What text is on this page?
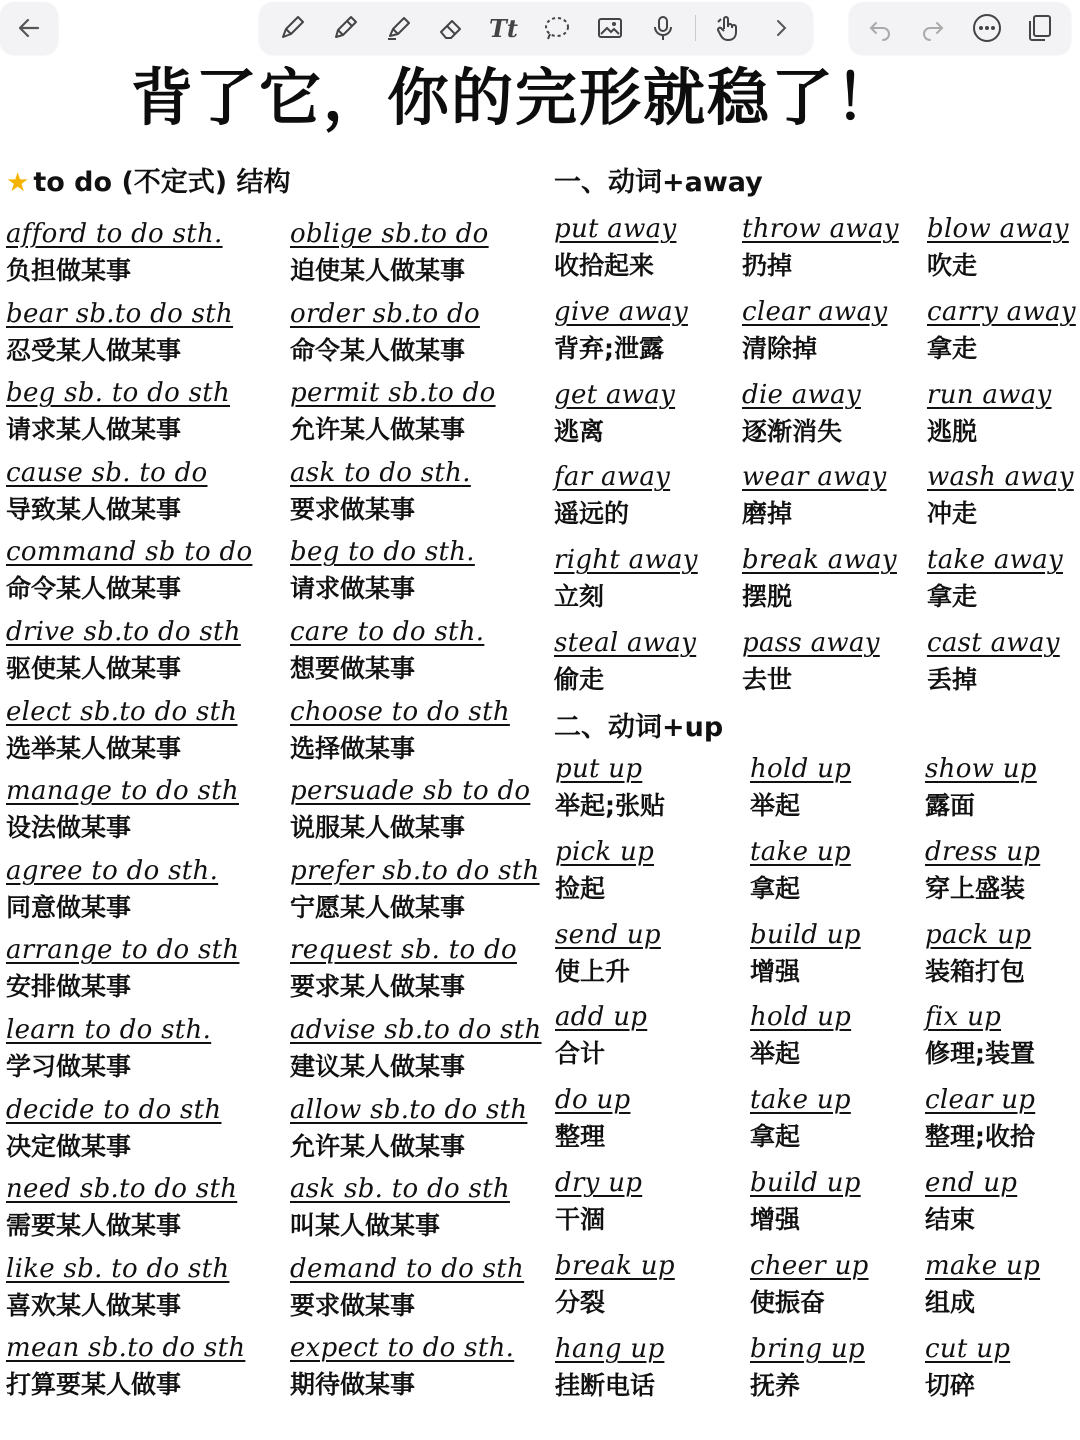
Tt
背了它，你的完形就稳了！
★ to do (不定式) 结构	一、动词+away
afford to do sth.
负担做某事
bear sb.to do sth
忍受某人做某事
beg sb. to do sth
请求某人做某事
cause sb. to do
导致某人做某事
command sb to do
命令某人做某事
drive sb.to do sth
驱使某人做某事
elect sb.to do sth
选举某人做某事
manage to do sth
设法做某事
agree to do sth.
同意做某事
arrange to do sth
安排做某事
learn to do sth.
学习做某事
decide to do sth
决定做某事
need sb.to do sth
需要某人做某事
like sb. to do sth
喜欢某人做某事
mean sb.to do sth
打算要某人做事
oblige sb.to do
迫使某人做某事
order sb.to do
命令某人做某事
permit sb.to do
允许某人做某事
ask to do sth.
要求做某事
beg to do sth.
请求做某事
care to do sth.
想要做某事
choose to do sth
选择做某事
persuade sb to do
说服某人做某事
prefer sb.to do sth
宁愿某人做某事
request sb. to do
要求某人做某事
advise sb.to do sth
建议某人做某事
allow sb.to do sth
允许某人做某事
ask sb. to do sth
叫某人做某事
demand to do sth
要求做某事
expect to do sth.
期待做某事
put away
收拾起来
throw away
扔掉
blow away
吹走
give away
背弃;泄露
clear away
清除掉
carry away
拿走
get away
逃离
die away
逐渐消失
run away
逃脱
far away
遥远的
wear away
磨掉
wash away
冲走
right away
立刻
break away
摆脱
take away
拿走
steal away
偷走
pass away
去世
cast away
丢掉
二、动词+up
put up
举起;张贴
hold up
举起
show up
露面
pick up
捡起
take up
拿起
dress up
穿上盛装
send up
使上升
build up
增强
pack up
装箱打包
add up
合计
hold up
举起
fix up
修理;装置
do up
整理
take up
拿起
clear up
整理;收拾
dry up
干涸
build up
增强
end up
结束
break up
分裂
cheer up
使振奋
make up
组成
hang up
挂断电话
bring up
抚养
cut up
切碎
